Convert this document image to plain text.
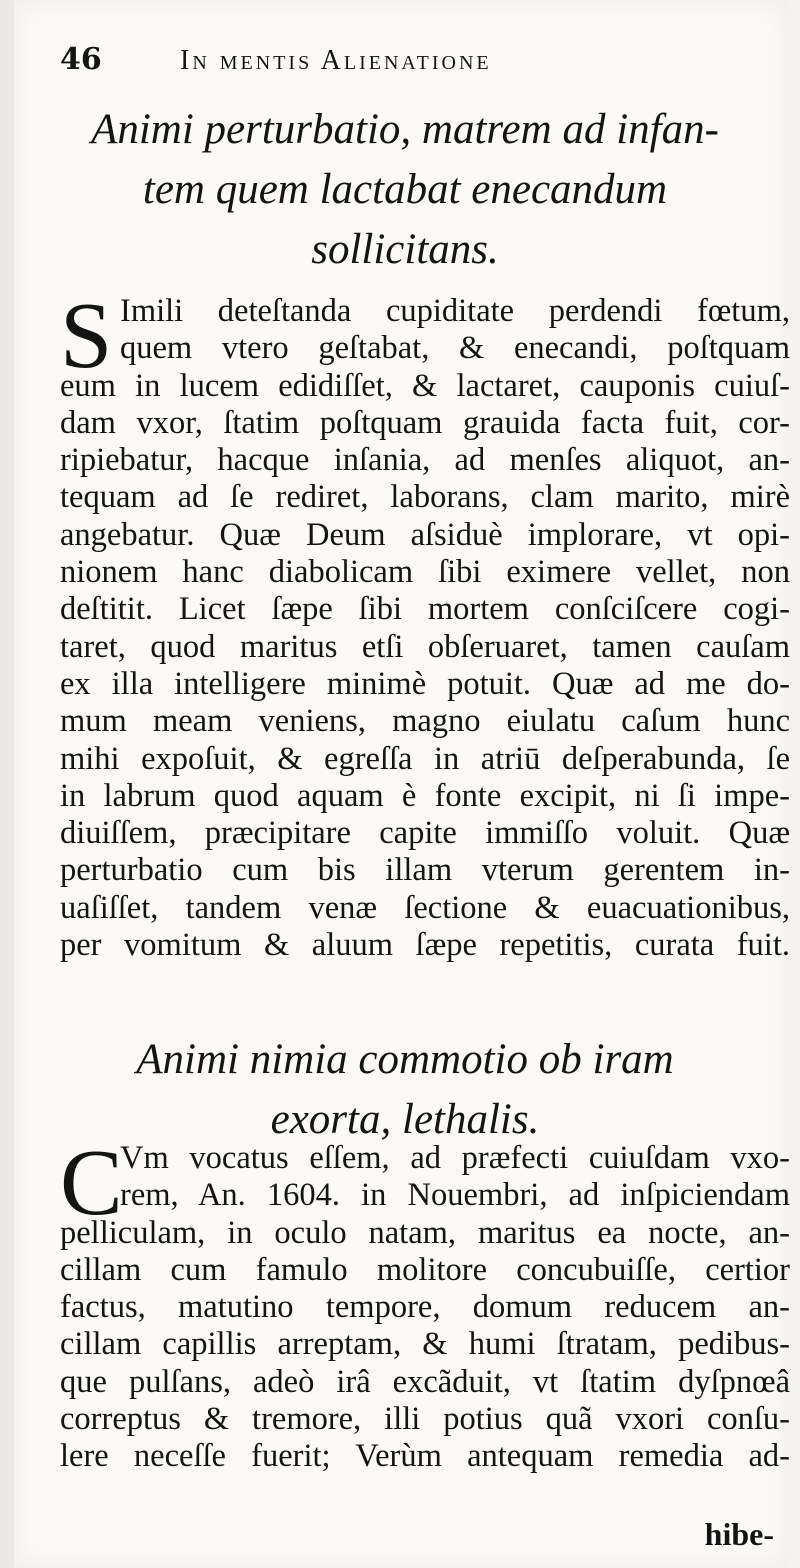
46	In mentis Alienatione
Animi perturbatio, matrem ad infan-
tem quem lactabat enecandum
sollicitans.
S Imili deteſtanda cupiditate perdendi fœtum,
quem vtero geſtabat, & enecandi, poſtquam
eum in lucem edidiſſet, & lactaret, cauponis cuiuſ-
dam vxor, ſtatim poſtquam grauida facta fuit, cor-
ripiebatur, hacque inſania, ad menſes aliquot, an-
tequam ad ſe rediret, laborans, clam marito, mirè
angebatur. Quæ Deum aſsiduè implorare, vt opi-
nionem hanc diabolicam ſibi eximere vellet, non
deſtitit. Licet ſæpe ſibi mortem conſciſcere cogi-
taret, quod maritus etſi obſeruaret, tamen cauſam
ex illa intelligere minimè potuit. Quæ ad me do-
mum meam veniens, magno eiulatu caſum hunc
mihi expoſuit, & egreſſa in atriū deſperabunda, ſe
in labrum quod aquam è fonte excipit, ni ſi impe-
diuiſſem, præcipitare capite immiſſo voluit. Quæ
perturbatio cum bis illam vterum gerentem in-
uaſiſſet, tandem venæ ſectione & euacuationibus,
per vomitum & aluum ſæpe repetitis, curata fuit.
Animi nimia commotio ob iram
exorta, lethalis.
C
Vm vocatus eſſem, ad præfecti cuiuſdam vxo-
rem, An. 1604. in Nouembri, ad inſpiciendam
pelliculam, in oculo natam, maritus ea nocte, an-
cillam cum famulo molitore concubuiſſe, certior
factus, matutino tempore, domum reducem an-
cillam capillis arreptam, & humi ſtratam, pedibus-
que pulſans, adeò irâ excãduit, vt ſtatim dyſpnœâ
correptus & tremore, illi potius quã vxori conſu-
lere neceſſe fuerit; Verùm antequam remedia ad-
hibe-
